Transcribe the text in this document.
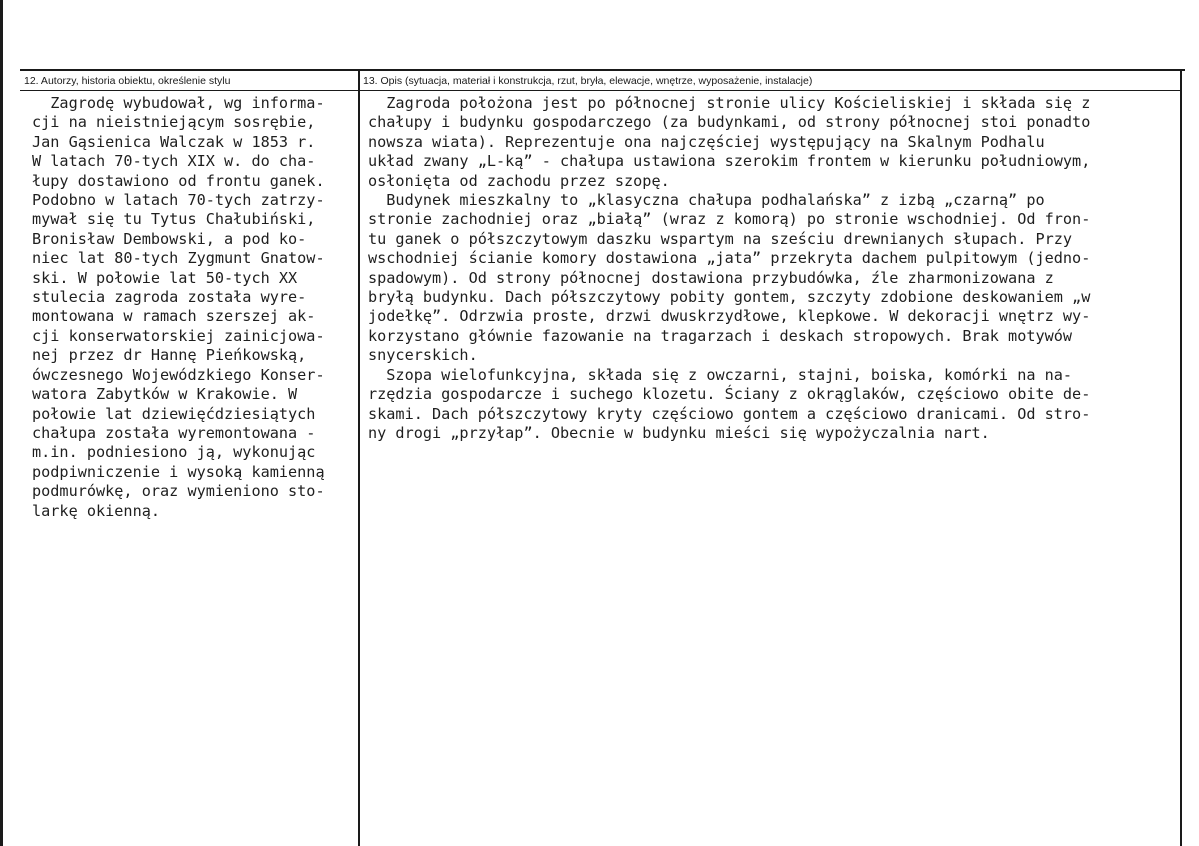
12. Autorzy, historia obiektu, określenie stylu	13. Opis (sytuacja, materiał i konstrukcja, rzut, bryła, elewacje, wnętrze, wyposażenie, instalacje)
Zagrodę wybudował, wg informa-
cji na nieistniejącym sosrębie,
Jan Gąsienica Walczak w 1853 r.
W latach 70-tych XIX w. do cha-
łupy dostawiono od frontu ganek.
Podobno w latach 70-tych zatrzy-
mywał się tu Tytus Chałubiński,
Bronisław Dembowski, a pod ko-
niec lat 80-tych Zygmunt Gnatow-
ski. W połowie lat 50-tych XX
stulecia zagroda została wyre-
montowana w ramach szerszej ak-
cji konserwatorskiej zainicjowa-
nej przez dr Hannę Pieńkowską,
ówczesnego Wojewódzkiego Konser-
watora Zabytków w Krakowie. W
połowie lat dziewięćdziesiątych
chałupa została wyremontowana -
m.in. podniesiono ją, wykonując
podpiwniczenie i wysoką kamienną
podmurówkę, oraz wymieniono sto-
larkę okienną.
Zagroda położona jest po północnej stronie ulicy Kościeliskiej i składa się z
chałupy i budynku gospodarczego (za budynkami, od strony północnej stoi ponadto
nowsza wiata). Reprezentuje ona najczęściej występujący na Skalnym Podhalu
układ zwany „L-ką” - chałupa ustawiona szerokim frontem w kierunku południowym,
osłonięta od zachodu przez szopę.
Budynek mieszkalny to „klasyczna chałupa podhalańska” z izbą „czarną” po
stronie zachodniej oraz „białą” (wraz z komorą) po stronie wschodniej. Od fron-
tu ganek o półszczytowym daszku wspartym na sześciu drewnianych słupach. Przy
wschodniej ścianie komory dostawiona „jata” przekryta dachem pulpitowym (jedno-
spadowym). Od strony północnej dostawiona przybudówka, źle zharmonizowana z
bryłą budynku. Dach półszczytowy pobity gontem, szczyty zdobione deskowaniem „w
jodełkę”. Odrzwia proste, drzwi dwuskrzydłowe, klepkowe. W dekoracji wnętrz wy-
korzystano głównie fazowanie na tragarzach i deskach stropowych. Brak motywów
snycerskich.
Szopa wielofunkcyjna, składa się z owczarni, stajni, boiska, komórki na na-
rzędzia gospodarcze i suchego klozetu. Ściany z okrąglaków, częściowo obite de-
skami. Dach półszczytowy kryty częściowo gontem a częściowo dranicami. Od stro-
ny drogi „przyłap”. Obecnie w budynku mieści się wypożyczalnia nart.
